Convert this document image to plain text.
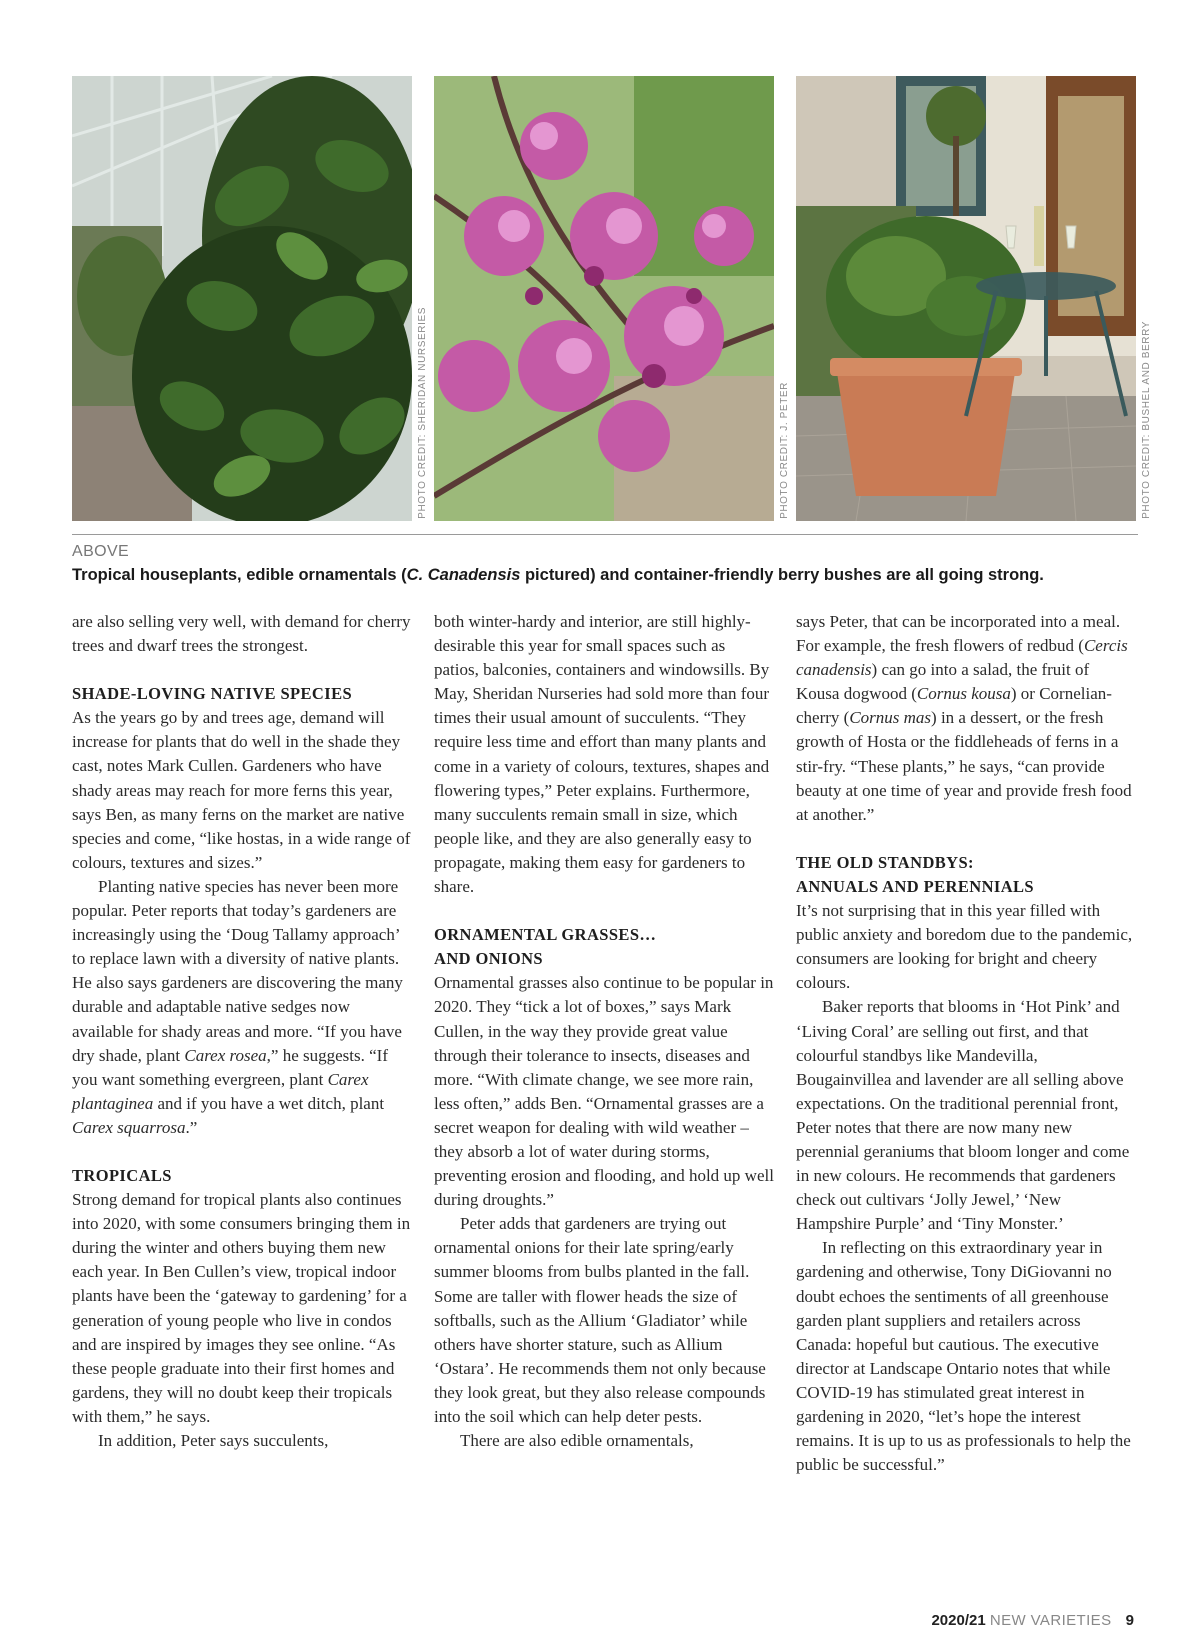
PHOTO CREDIT: SHERIDAN NURSERIES	PHOTO CREDIT: J. PETER	PHOTO CREDIT: BUSHEL AND BERRY
ABOVE
Tropical houseplants, edible ornamentals (C. Canadensis pictured) and container-friendly berry bushes are all going strong.

are also selling very well, with demand for cherry trees and dwarf trees the strongest.

SHADE-LOVING NATIVE SPECIES

As the years go by and trees age, demand will increase for plants that do well in the shade they cast, notes Mark Cullen. Gardeners who have shady areas may reach for more ferns this year, says Ben, as many ferns on the market are native species and come, “like hostas, in a wide range of colours, textures and sizes.”

Planting native species has never been more popular. Peter reports that today’s gardeners are increasingly using the ‘Doug Tallamy approach’ to replace lawn with a diversity of native plants. He also says gardeners are discovering the many durable and adaptable native sedges now available for shady areas and more. “If you have dry shade, plant Carex rosea,” he suggests. “If you want something evergreen, plant Carex plantaginea and if you have a wet ditch, plant Carex squarrosa.”

TROPICALS

Strong demand for tropical plants also continues into 2020, with some consumers bringing them in during the winter and others buying them new each year. In Ben Cullen’s view, tropical indoor plants have been the ‘gateway to gardening’ for a generation of young people who live in condos and are inspired by images they see online. “As these people graduate into their first homes and gardens, they will no doubt keep their tropicals with them,” he says.

In addition, Peter says succulents,

both winter-hardy and interior, are still highly-desirable this year for small spaces such as patios, balconies, containers and windowsills. By May, Sheridan Nurseries had sold more than four times their usual amount of succulents. “They require less time and effort than many plants and come in a variety of colours, textures, shapes and flowering types,” Peter explains. Furthermore, many succulents remain small in size, which people like, and they are also generally easy to propagate, making them easy for gardeners to share.

ORNAMENTAL GRASSES…
AND ONIONS

Ornamental grasses also continue to be popular in 2020. They “tick a lot of boxes,” says Mark Cullen, in the way they provide great value through their tolerance to insects, diseases and more. “With climate change, we see more rain, less often,” adds Ben. “Ornamental grasses are a secret weapon for dealing with wild weather – they absorb a lot of water during storms, preventing erosion and flooding, and hold up well during droughts.”

Peter adds that gardeners are trying out ornamental onions for their late spring/early summer blooms from bulbs planted in the fall. Some are taller with flower heads the size of softballs, such as the Allium ‘Gladiator’ while others have shorter stature, such as Allium ‘Ostara’. He recommends them not only because they look great, but they also release compounds into the soil which can help deter pests.

There are also edible ornamentals,

says Peter, that can be incorporated into a meal. For example, the fresh flowers of redbud (Cercis canadensis) can go into a salad, the fruit of Kousa dogwood (Cornus kousa) or Cornelian-cherry (Cornus mas) in a dessert, or the fresh growth of Hosta or the fiddleheads of ferns in a stir-fry. “These plants,” he says, “can provide beauty at one time of year and provide fresh food at another.”

THE OLD STANDBYS:
ANNUALS AND PERENNIALS

It’s not surprising that in this year filled with public anxiety and boredom due to the pandemic, consumers are looking for bright and cheery colours.

Baker reports that blooms in ‘Hot Pink’ and ‘Living Coral’ are selling out first, and that colourful standbys like Mandevilla, Bougainvillea and lavender are all selling above expectations. On the traditional perennial front, Peter notes that there are now many new perennial geraniums that bloom longer and come in new colours. He recommends that gardeners check out cultivars ‘Jolly Jewel,’ ‘New Hampshire Purple’ and ‘Tiny Monster.’

In reflecting on this extraordinary year in gardening and otherwise, Tony DiGiovanni no doubt echoes the sentiments of all greenhouse garden plant suppliers and retailers across Canada: hopeful but cautious. The executive director at Landscape Ontario notes that while COVID-19 has stimulated great interest in gardening in 2020, “let’s hope the interest remains. It is up to us as professionals to help the public be successful.”

2020/21 NEW VARIETIES 9
